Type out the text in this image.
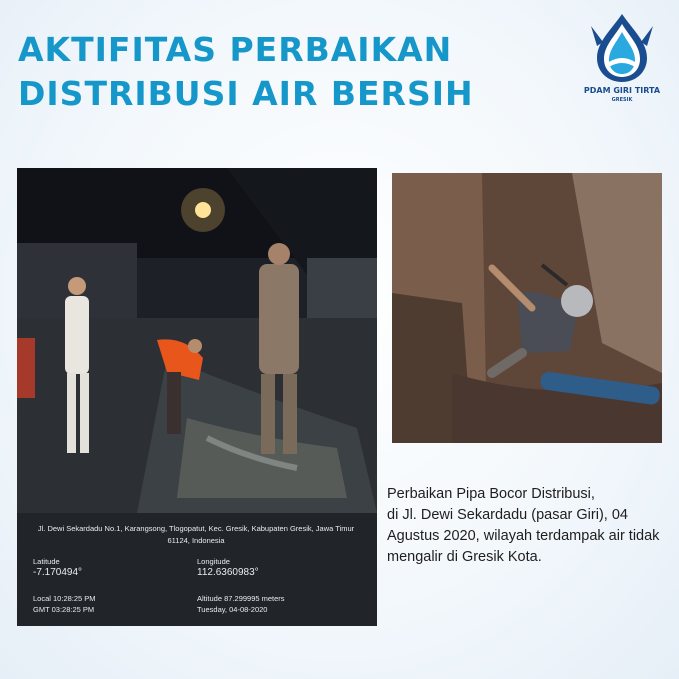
AKTIFITAS PERBAIKAN
DISTRIBUSI AIR BERSIH	PDAM GIRI TIRTA
GRESIK
Jl. Dewi Sekardadu No.1, Karangsong, Tlogopatut, Kec. Gresik, Kabupaten Gresik, Jawa Timur 61124, Indonesia
Latitude
-7.170494°
Longitude
112.6360983°
Local 10:28:25 PM
GMT 03:28:25 PM
Altitude 87.299995 meters
Tuesday, 04-08-2020
Perbaikan Pipa Bocor Distribusi,
di Jl. Dewi Sekardadu (pasar Giri), 04 Agustus 2020, wilayah terdampak air tidak mengalir di Gresik Kota.
